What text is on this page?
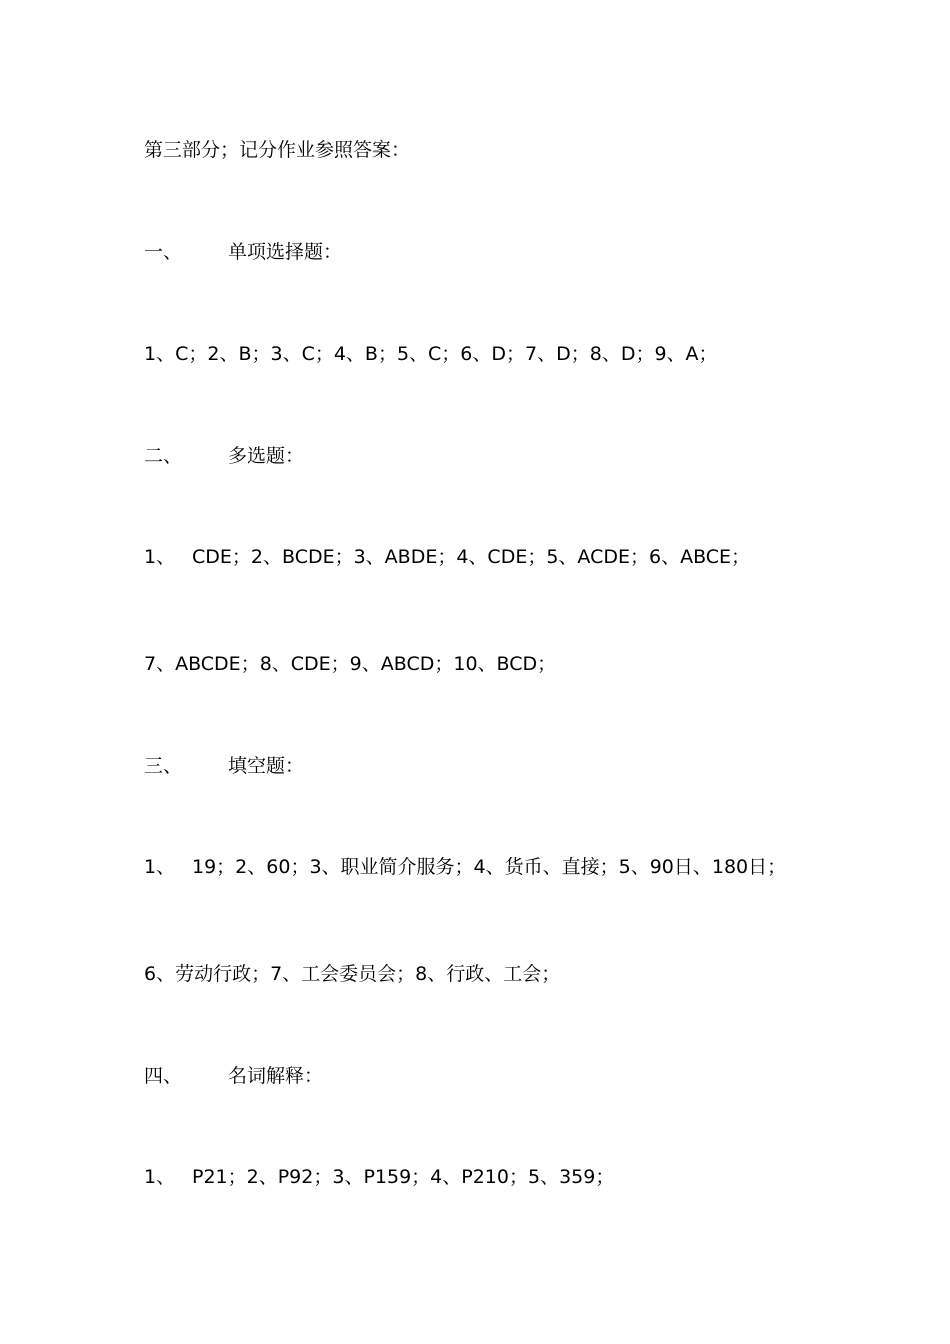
第三部分；记分作业参照答案：
一、 单项选择题：
1、C；2、B；3、C；4、B；5、C；6、D；7、D；8、D；9、A；
二、 多选题：
1、 CDE；2、BCDE；3、ABDE；4、CDE；5、ACDE；6、ABCE；
7、ABCDE；8、CDE；9、ABCD；10、BCD；
三、 填空题：
1、 19；2、60；3、职业简介服务；4、货币、直接；5、90日、180日；
6、劳动行政；7、工会委员会；8、行政、工会；
四、 名词解释：
1、 P21；2、P92；3、P159；4、P210；5、359；
